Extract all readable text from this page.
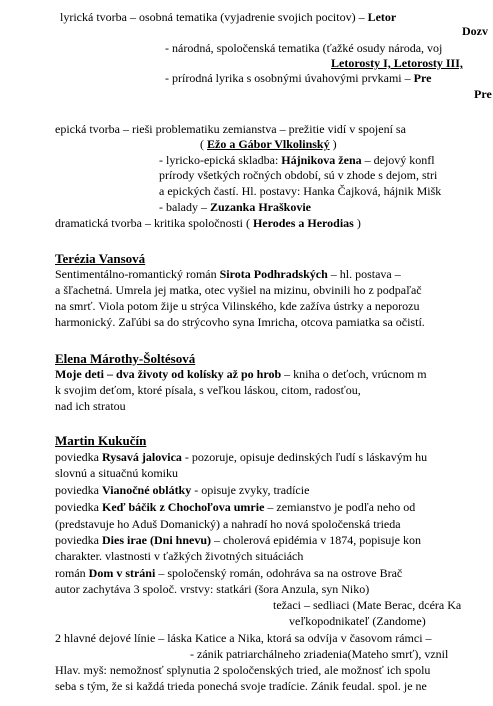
lyrická tvorba – osobná tematika (vyjadrenie svojich pocitov) – Letor
Dozv
- národná, spoločenská tematika (ťažké osudy národa, voj
Letorosty I, Letorosty III,
- prírodná lyrika s osobnými úvahovými prvkami – Pre
Pre
epická tvorba – rieši problematiku zemianstva – prežitie vidí v spojení sa
( Ežo a Gábor Vlkolinský )
- lyricko-epická skladba: Hájnikova žena – dejový konfl
prírody všetkých ročných období, sú v zhode s dejom, stri
a epických častí. Hl. postavy: Hanka Čajková, hájnik Mišk
- balady – Zuzanka Hraškovie
dramatická tvorba – kritika spoločnosti ( Herodes a Herodias )
Terézia Vansová
Sentimentálno-romantický román Sirota Podhradských – hl. postava –
a šľachetná. Umrela jej matka, otec vyšiel na mizinu, obvinili ho z podpaľač
na smrť. Viola potom žije u strýca Vilinského, kde zažíva ústrky a neporozu
harmonický. Zaľúbi sa do strýcovho syna Imricha, otcova pamiatka sa očistí.
Elena Márothy-Šoltésová
Moje deti – dva životy od kolísky až po hrob – kniha o deťoch, vrúcnom m
k svojim deťom, ktoré písala, s veľkou láskou, citom, radosťou,
nad ich stratou
Martin Kukučín
poviedka Rysavá jalovica - pozoruje, opisuje dedinských ľudí s láskavým hu
slovnú a situačnú komiku
poviedka Vianočné oblátky - opisuje zvyky, tradície
poviedka Keď báčik z Chochoľova umrie – zemianstvo je podľa neho od
(predstavuje ho Aduš Domanický) a nahradí ho nová spoločenská trieda
poviedka Dies irae (Dni hnevu) – cholerová epidémia v 1874, popisuje kon
charakter. vlastnosti v ťažkých životných situáciách
román Dom v stráni – spoločenský román, odohráva sa na ostrove Brač
autor zachytáva 3 spoloč. vrstvy: statkári (šora Anzula, syn Niko)
težaci – sedliaci (Mate Berac, dcéra Ka
veľkopodnikateľ (Zandome)
2 hlavné dejové línie – láska Katice a Nika, ktorá sa odvíja v časovom rámci –
- zánik patriarchálneho zriadenia(Mateho smrť), vznil
Hlav. myš: nemožnosť splynutia 2 spoločenských tried, ale možnosť ich spolu
seba s tým, že si každá trieda ponechá svoje tradície. Zánik feudal. spol. je ne
